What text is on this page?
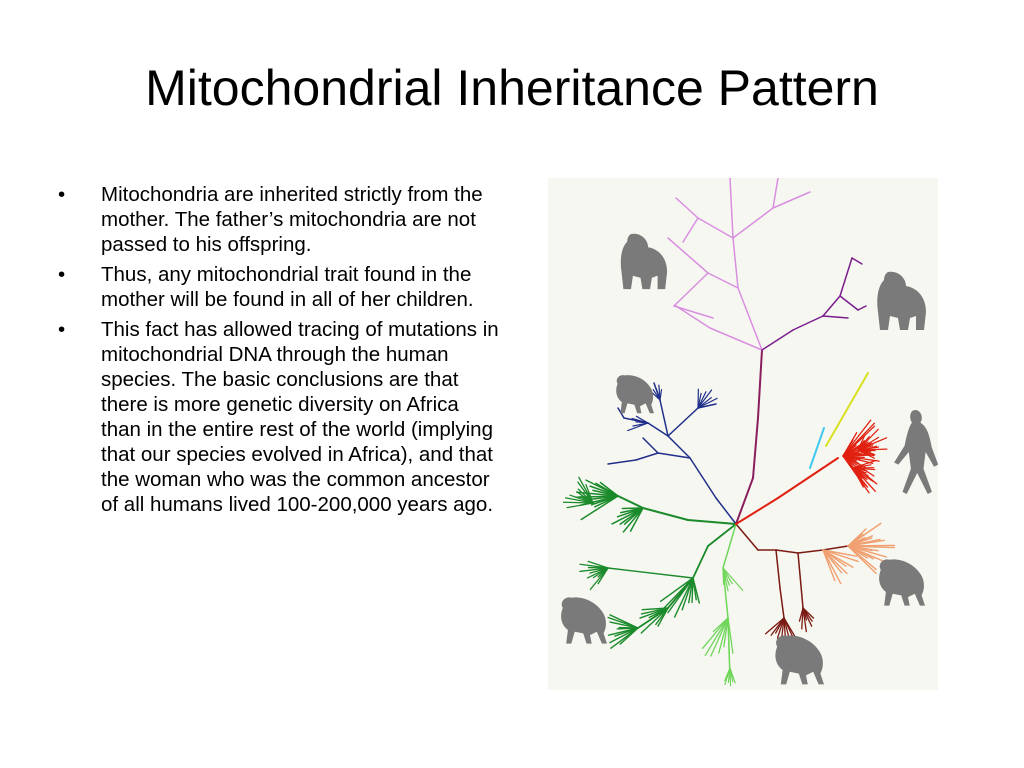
Mitochondrial Inheritance Pattern
• Mitochondria are inherited strictly from the mother. The father’s mitochondria are not passed to his offspring.
• Thus, any mitochondrial trait found in the mother will be found in all of her children.
• This fact has allowed tracing of mutations in mitochondrial DNA through the human species. The basic conclusions are that there is more genetic diversity on Africa than in the entire rest of the world (implying that our species evolved in Africa), and that the woman who was the common ancestor of all humans lived 100-200,000 years ago.
